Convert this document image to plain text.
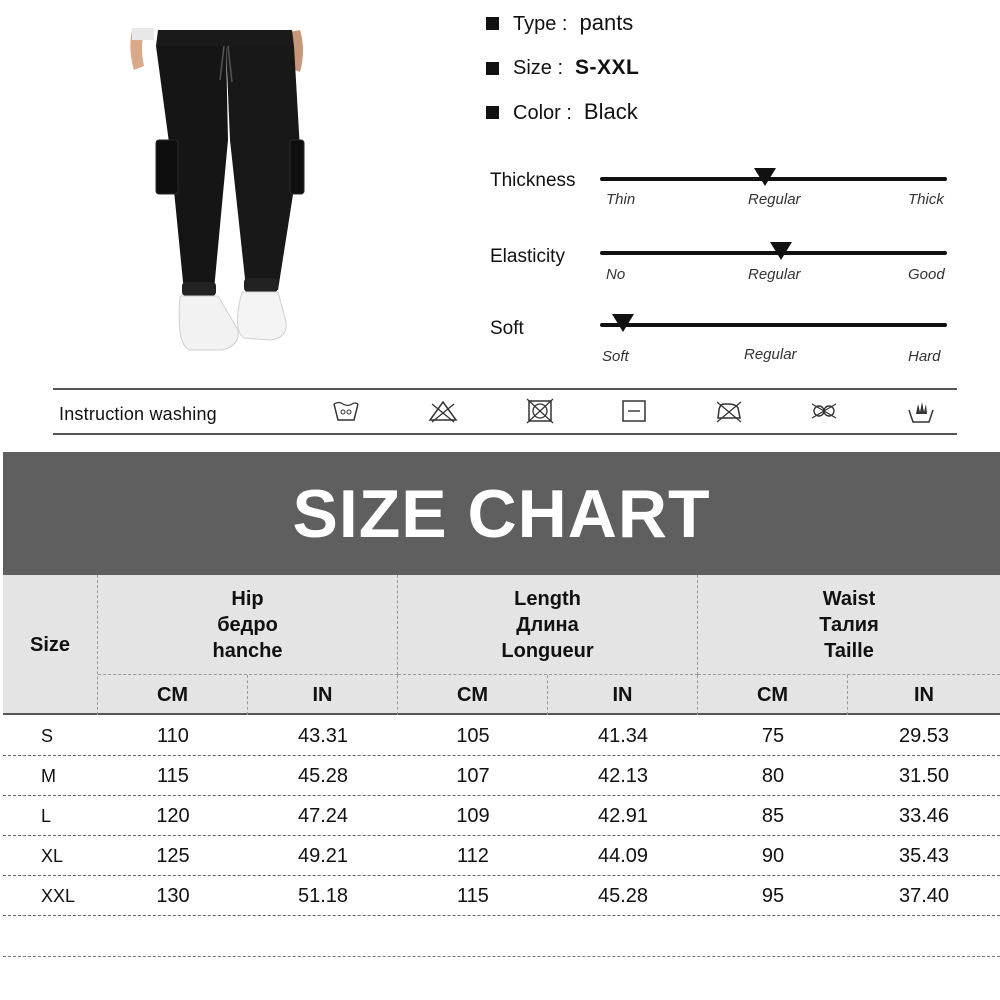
Type : pants
Size : S-XXL
Color : Black
Thickness
Thin	Regular	Thick
Elasticity
No	Regular	Good
Soft
Soft	Regular	Hard
Instruction washing
SIZE CHART
Size
Hip
бедро
hanche
Length
Длина
Longueur
Waist
Талия
Taille
CM	IN	CM	IN	CM	IN
S	110	43.31	105	41.34	75	29.53
M	115	45.28	107	42.13	80	31.50
L	120	47.24	109	42.91	85	33.46
XL	125	49.21	112	44.09	90	35.43
XXL	130	51.18	115	45.28	95	37.40
